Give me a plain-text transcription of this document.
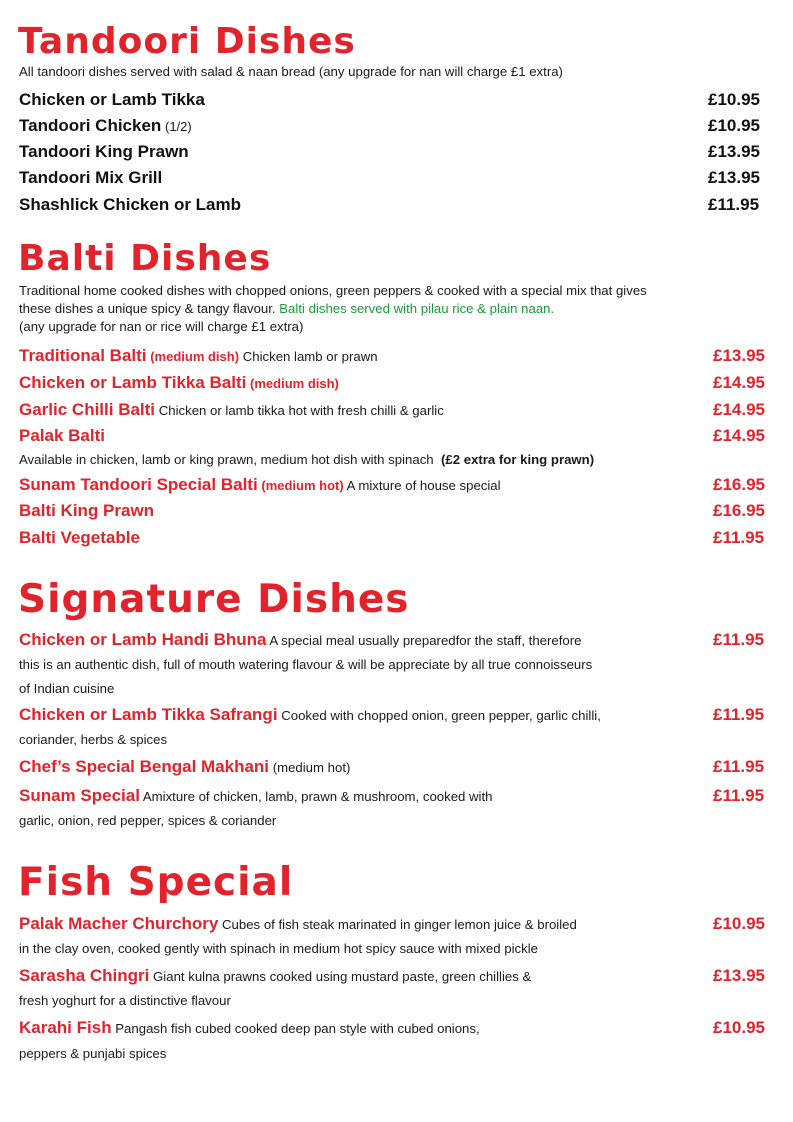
Tandoori Dishes

All tandoori dishes served with salad & naan bread (any upgrade for nan will charge £1 extra)

Chicken or Lamb Tikka	£10.95

Tandoori Chicken (1/2)	£10.95

Tandoori King Prawn	£13.95

Tandoori Mix Grill	£13.95

Shashlick Chicken or Lamb	£11.95

Balti Dishes

Traditional home cooked dishes with chopped onions, green peppers & cooked with a special mix that gives

these dishes a unique spicy & tangy flavour. Balti dishes served with pilau rice & plain naan.

(any upgrade for nan or rice will charge £1 extra)

Traditional Balti (medium dish) Chicken lamb or prawn	£13.95

Chicken or Lamb Tikka Balti (medium dish)	£14.95

Garlic Chilli Balti Chicken or lamb tikka hot with fresh chilli & garlic	£14.95

Palak Balti	£14.95

Available in chicken, lamb or king prawn, medium hot dish with spinach (£2 extra for king prawn)

Sunam Tandoori Special Balti (medium hot) A mixture of house special	£16.95

Balti King Prawn	£16.95

Balti Vegetable	£11.95

Signature Dishes

Chicken or Lamb Handi Bhuna A special meal usually preparedfor the staff, therefore	£11.95

this is an authentic dish, full of mouth watering flavour & will be appreciate by all true connoisseurs

of Indian cuisine

Chicken or Lamb Tikka Safrangi Cooked with chopped onion, green pepper, garlic chilli,	£11.95

coriander, herbs & spices

Chef’s Special Bengal Makhani (medium hot)	£11.95

Sunam Special Amixture of chicken, lamb, prawn & mushroom, cooked with	£11.95

garlic, onion, red pepper, spices & coriander

Fish Special

Palak Macher Churchory Cubes of fish steak marinated in ginger lemon juice & broiled	£10.95

in the clay oven, cooked gently with spinach in medium hot spicy sauce with mixed pickle

Sarasha Chingri Giant kulna prawns cooked using mustard paste, green chillies &	£13.95

fresh yoghurt for a distinctive flavour

Karahi Fish Pangash fish cubed cooked deep pan style with cubed onions,	£10.95

peppers & punjabi spices
